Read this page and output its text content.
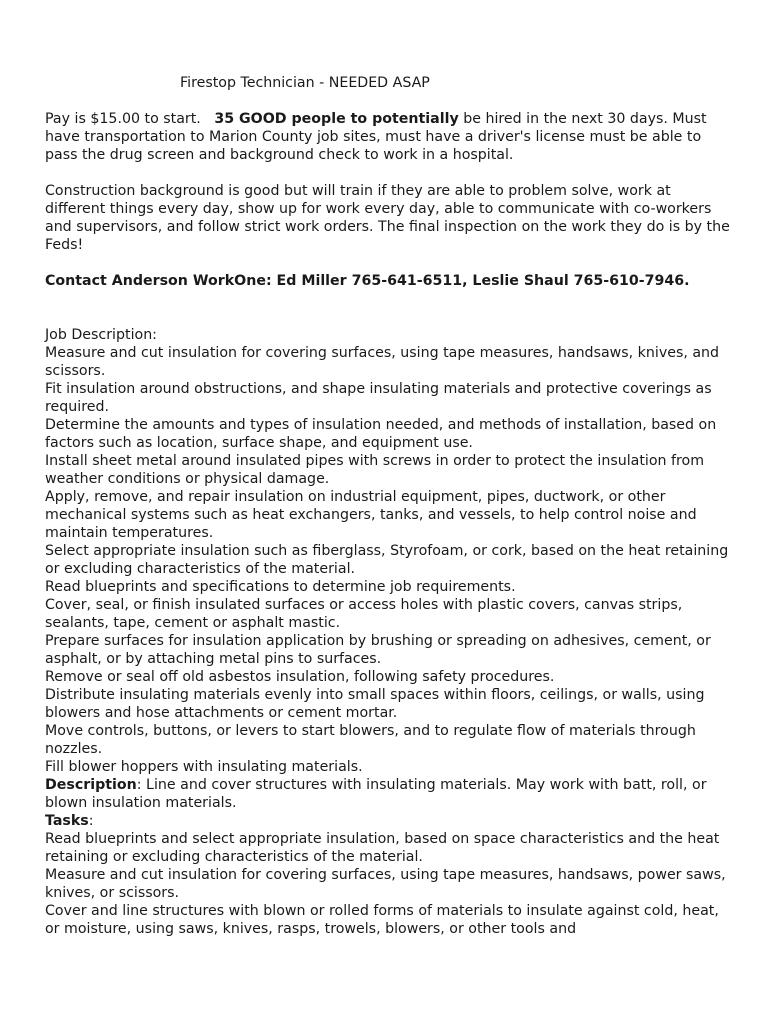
Firestop Technician - NEEDED ASAP

Pay is $15.00 to start.   35 GOOD people to potentially be hired in the next 30 days. Must have transportation to Marion County job sites, must have a driver's license must be able to pass the drug screen and background check to work in a hospital.

Construction background is good but will train if they are able to problem solve, work at different things every day, show up for work every day, able to communicate with co-workers and supervisors, and follow strict work orders. The final inspection on the work they do is by the Feds!

Contact Anderson WorkOne: Ed Miller 765-641-6511, Leslie Shaul 765-610-7946.

Job Description:

Measure and cut insulation for covering surfaces, using tape measures, handsaws, knives, and scissors.

Fit insulation around obstructions, and shape insulating materials and protective coverings as required.

Determine the amounts and types of insulation needed, and methods of installation, based on factors such as location, surface shape, and equipment use.

Install sheet metal around insulated pipes with screws in order to protect the insulation from weather conditions or physical damage.

Apply, remove, and repair insulation on industrial equipment, pipes, ductwork, or other mechanical systems such as heat exchangers, tanks, and vessels, to help control noise and maintain temperatures.

Select appropriate insulation such as fiberglass, Styrofoam, or cork, based on the heat retaining or excluding characteristics of the material.

Read blueprints and specifications to determine job requirements.

Cover, seal, or finish insulated surfaces or access holes with plastic covers, canvas strips, sealants, tape, cement or asphalt mastic.

Prepare surfaces for insulation application by brushing or spreading on adhesives, cement, or asphalt, or by attaching metal pins to surfaces.

Remove or seal off old asbestos insulation, following safety procedures.

Distribute insulating materials evenly into small spaces within floors, ceilings, or walls, using blowers and hose attachments or cement mortar.

Move controls, buttons, or levers to start blowers, and to regulate flow of materials through nozzles.

Fill blower hoppers with insulating materials.

Description: Line and cover structures with insulating materials. May work with batt, roll, or blown insulation materials.

Tasks:

Read blueprints and select appropriate insulation, based on space characteristics and the heat retaining or excluding characteristics of the material.

Measure and cut insulation for covering surfaces, using tape measures, handsaws, power saws, knives, or scissors.

Cover and line structures with blown or rolled forms of materials to insulate against cold, heat, or moisture, using saws, knives, rasps, trowels, blowers, or other tools and
